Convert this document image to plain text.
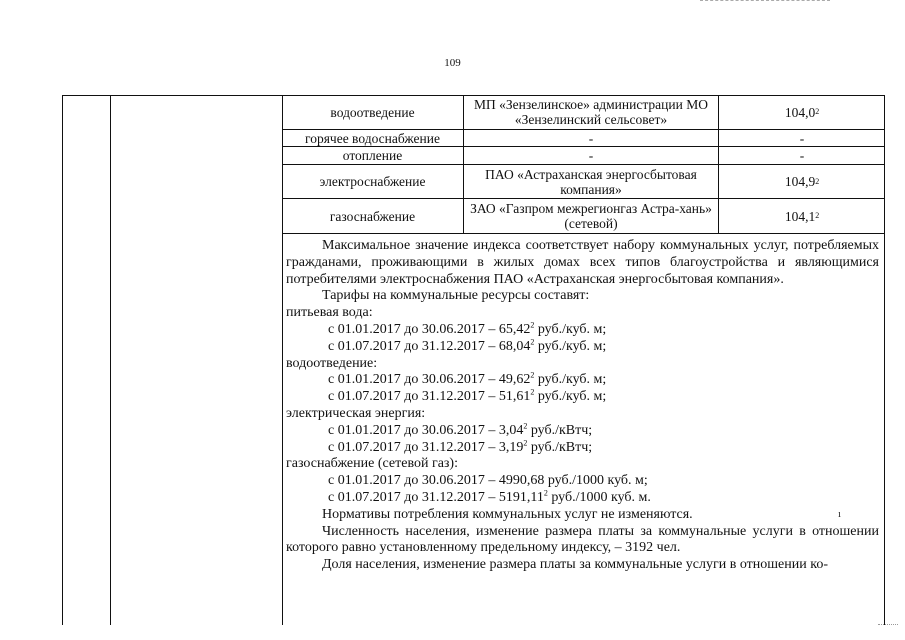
109
водоотведение	МП «Зензелинское» администрации МО «Зензелинский сельсовет»	104,0 2
горячее водоснабжение	-	-
отопление	-	-
электроснабжение	ПАО «Астраханская энергосбытовая компания»	104,9 2
газоснабжение	ЗАО «Газпром межрегионгаз Астра-хань» (сетевой)	104,1 2

Максимальное значение индекса соответствует набору коммунальных услуг, потребляемых гражданами, проживающими в жилых домах всех типов благоустройства и являющимися потребителями электроснабжения ПАО «Астраханская энергосбытовая компания».

Тарифы на коммунальные ресурсы составят:

питьевая вода:

с 01.01.2017 до 30.06.2017 – 65,42$^2$ руб./куб. м;

с 01.07.2017 до 31.12.2017 – 68,04$^2$ руб./куб. м;

водоотведение:

с 01.01.2017 до 30.06.2017 – 49,62$^2$ руб./куб. м;

с 01.07.2017 до 31.12.2017 – 51,61$^2$ руб./куб. м;

электрическая энергия:

с 01.01.2017 до 30.06.2017 – 3,04$^2$ руб./кВтч;

с 01.07.2017 до 31.12.2017 – 3,19$^2$ руб./кВтч;

газоснабжение (сетевой газ):

с 01.01.2017 до 30.06.2017 – 4990,68 руб./1000 куб. м;

с 01.07.2017 до 31.12.2017 – 5191,11$^2$ руб./1000 куб. м.

Нормативы потребления коммунальных услуг не изменяются.

Численность населения, изменение размера платы за коммунальные услуги в отношении которого равно установленному предельному индексу, – 3192 чел.

Доля населения, изменение размера платы за коммунальные услуги в отношении ко-

ı
